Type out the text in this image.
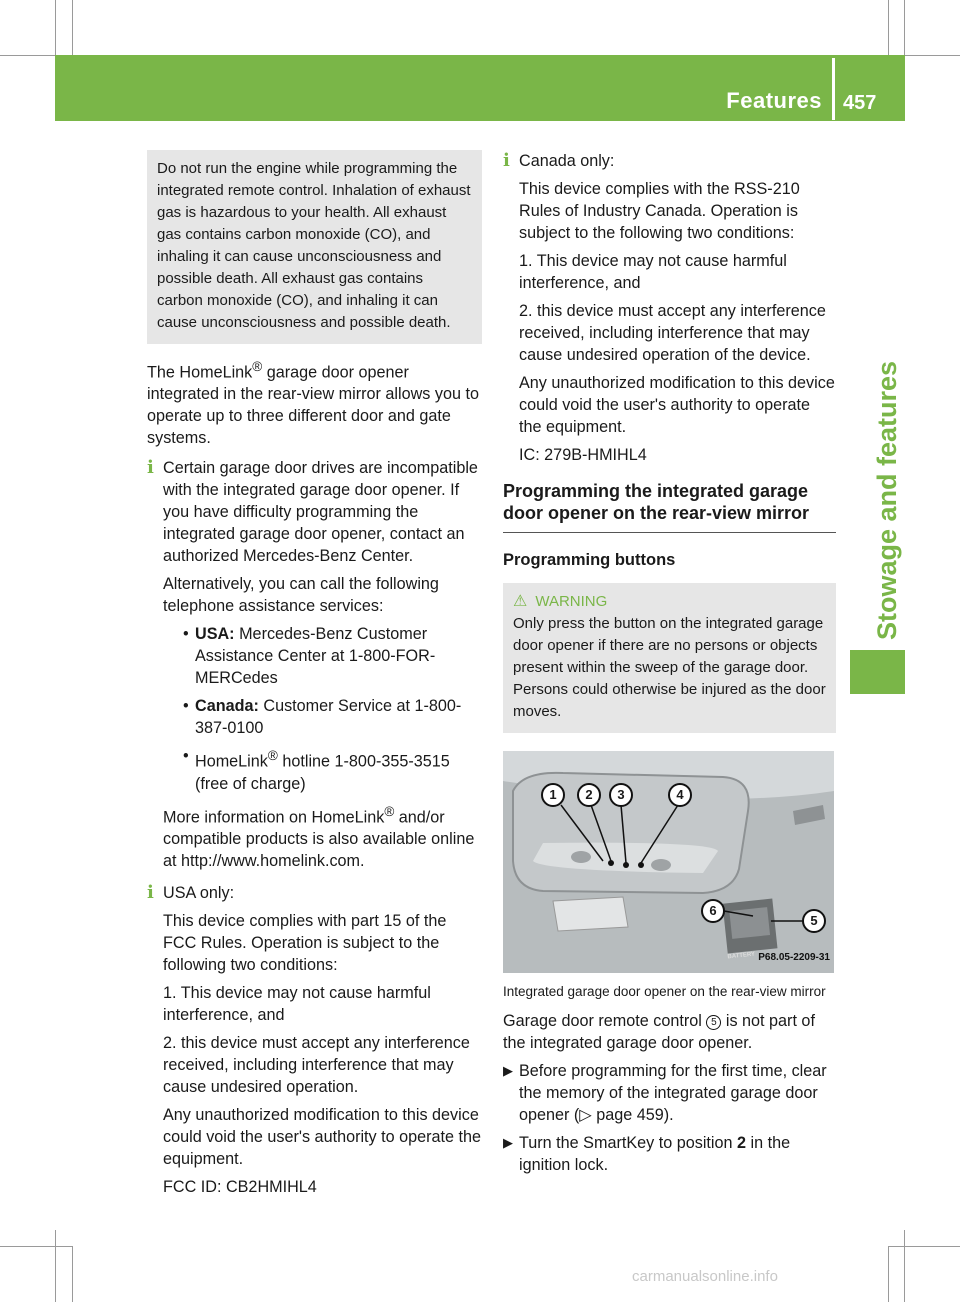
Features 457
Stowage and features

Do not run the engine while programming the integrated remote control. Inhalation of exhaust gas is hazardous to your health. All exhaust gas contains carbon monoxide (CO), and inhaling it can cause unconsciousness and possible death. All exhaust gas contains carbon monoxide (CO), and inhaling it can cause unconsciousness and possible death.

The HomeLink® garage door opener integrated in the rear-view mirror allows you to operate up to three different door and gate systems.

i Certain garage door drives are incompatible with the integrated garage door opener. If you have difficulty programming the integrated garage door opener, contact an authorized Mercedes-Benz Center.

Alternatively, you can call the following telephone assistance services:

• USA: Mercedes-Benz Customer Assistance Center at 1-800-FOR-MERCedes

• Canada: Customer Service at 1-800-387-0100

• HomeLink® hotline 1-800-355-3515 (free of charge)

More information on HomeLink® and/or compatible products is also available online at http://www.homelink.com.

i USA only:

This device complies with part 15 of the FCC Rules. Operation is subject to the following two conditions:

1. This device may not cause harmful interference, and

2. this device must accept any interference received, including interference that may cause undesired operation.

Any unauthorized modification to this device could void the user's authority to operate the equipment.

FCC ID: CB2HMIHL4

i Canada only:

This device complies with the RSS-210 Rules of Industry Canada. Operation is subject to the following two conditions:

1. This device may not cause harmful interference, and

2. this device must accept any interference received, including interference that may cause undesired operation of the device.

Any unauthorized modification to this device could void the user's authority to operate the equipment.

IC: 279B-HMIHL4

Programming the integrated garage door opener on the rear-view mirror

Programming buttons

⚠ WARNING

Only press the button on the integrated garage door opener if there are no persons or objects present within the sweep of the garage door. Persons could otherwise be injured as the door moves.

BATTERY
1	2	3	4
5
6
P68.05-2209-31

Integrated garage door opener on the rear-view mirror

Garage door remote control 5 is not part of the integrated garage door opener.

▶ Before programming for the first time, clear the memory of the integrated garage door opener (▷ page 459).

▶ Turn the SmartKey to position 2 in the ignition lock.

carmanualsonline.info
